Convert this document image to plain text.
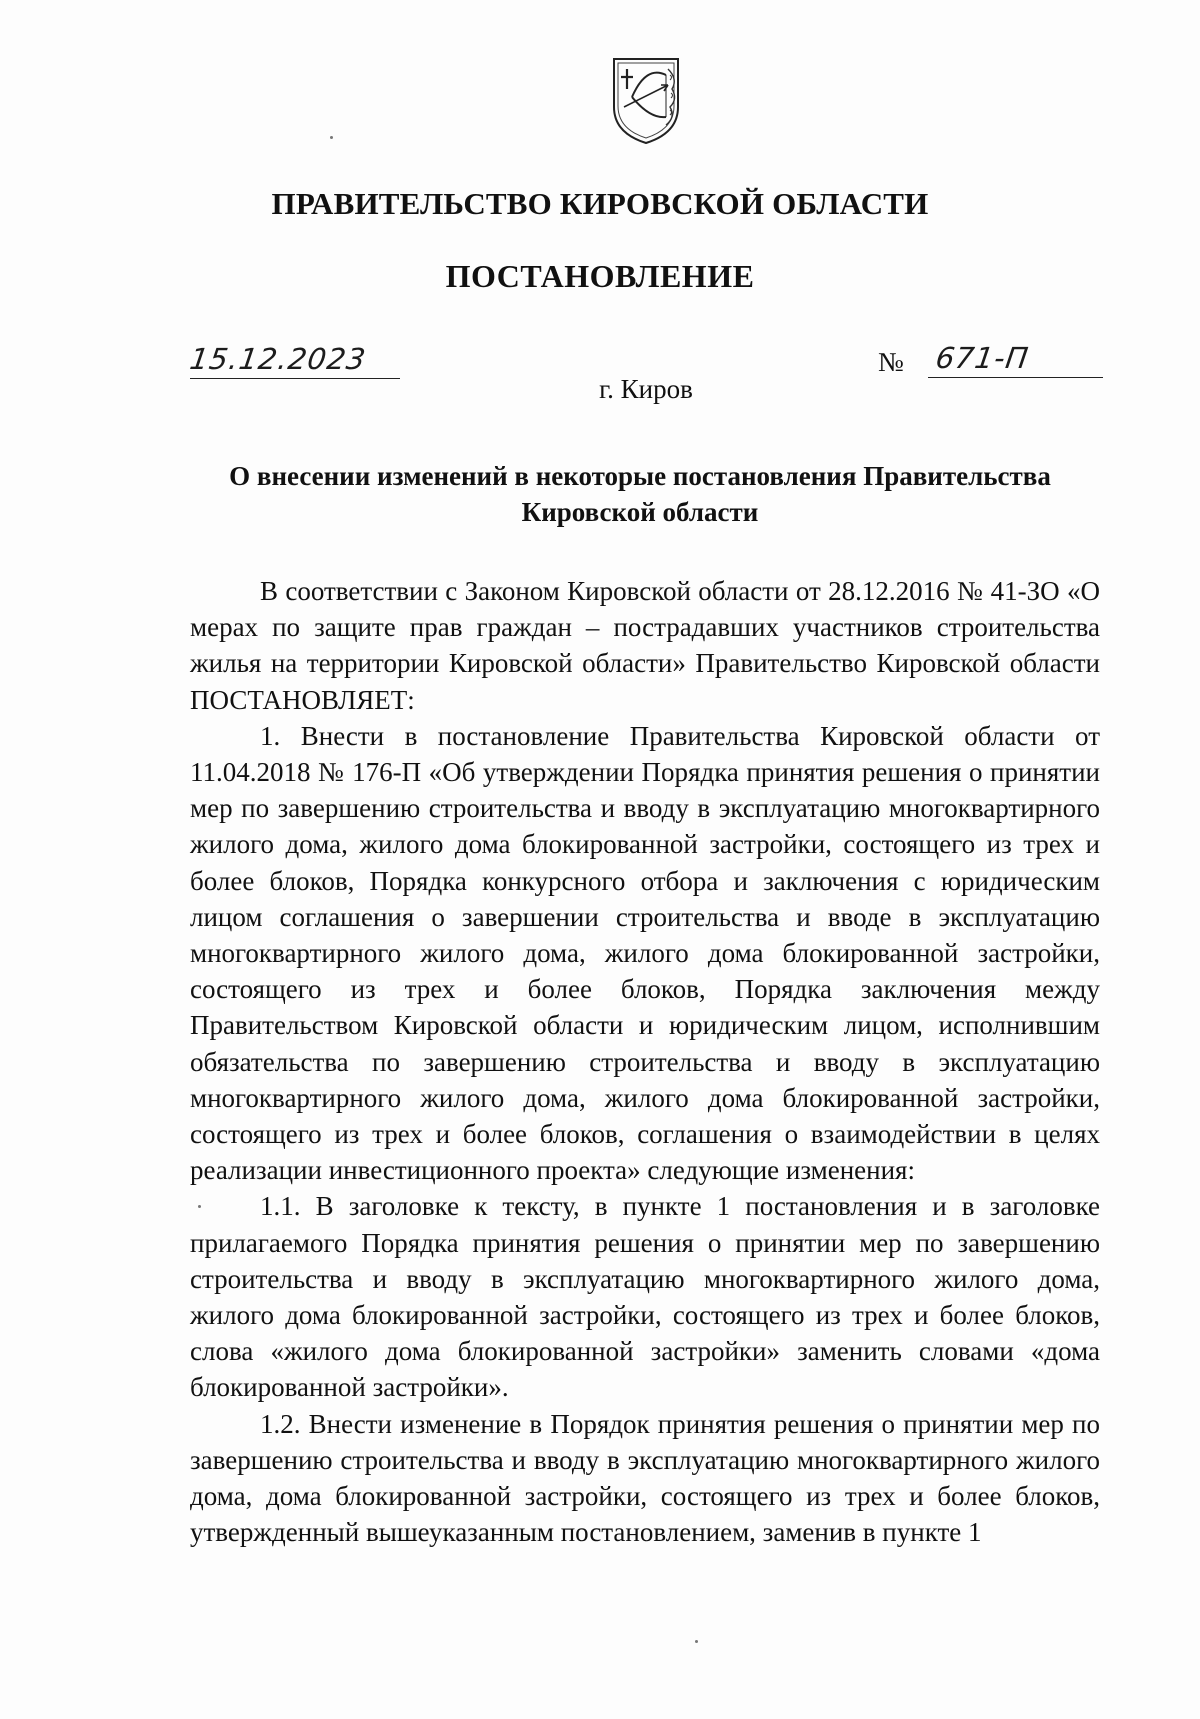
ПРАВИТЕЛЬСТВО КИРОВСКОЙ ОБЛАСТИ
ПОСТАНОВЛЕНИЕ
15.12.2023	№ 671-П
г. Киров
О внесении изменений в некоторые постановления Правительства
Кировской области

В соответствии с Законом Кировской области от 28.12.2016 № 41-ЗО «О мерах по защите прав граждан – пострадавших участников строительства жилья на территории Кировской области» Правительство Кировской области ПОСТАНОВЛЯЕТ:

1. Внести в постановление Правительства Кировской области от 11.04.2018 № 176-П «Об утверждении Порядка принятия решения о принятии мер по завершению строительства и вводу в эксплуатацию многоквартирного жилого дома, жилого дома блокированной застройки, состоящего из трех и более блоков, Порядка конкурсного отбора и заключения с юридическим лицом соглашения о завершении строительства и вводе в эксплуатацию многоквартирного жилого дома, жилого дома блокированной застройки, состоящего из трех и более блоков, Порядка заключения между Правительством Кировской области и юридическим лицом, исполнившим обязательства по завершению строительства и вводу в эксплуатацию многоквартирного жилого дома, жилого дома блокированной застройки, состоящего из трех и более блоков, соглашения о взаимодействии в целях реализации инвестиционного проекта» следующие изменения:

1.1. В заголовке к тексту, в пункте 1 постановления и в заголовке прилагаемого Порядка принятия решения о принятии мер по завершению строительства и вводу в эксплуатацию многоквартирного жилого дома, жилого дома блокированной застройки, состоящего из трех и более блоков, слова «жилого дома блокированной застройки» заменить словами «дома блокированной застройки».

1.2. Внести изменение в Порядок принятия решения о принятии мер по завершению строительства и вводу в эксплуатацию многоквартирного жилого дома, дома блокированной застройки, состоящего из трех и более блоков, утвержденный вышеуказанным постановлением, заменив в пункте 1
